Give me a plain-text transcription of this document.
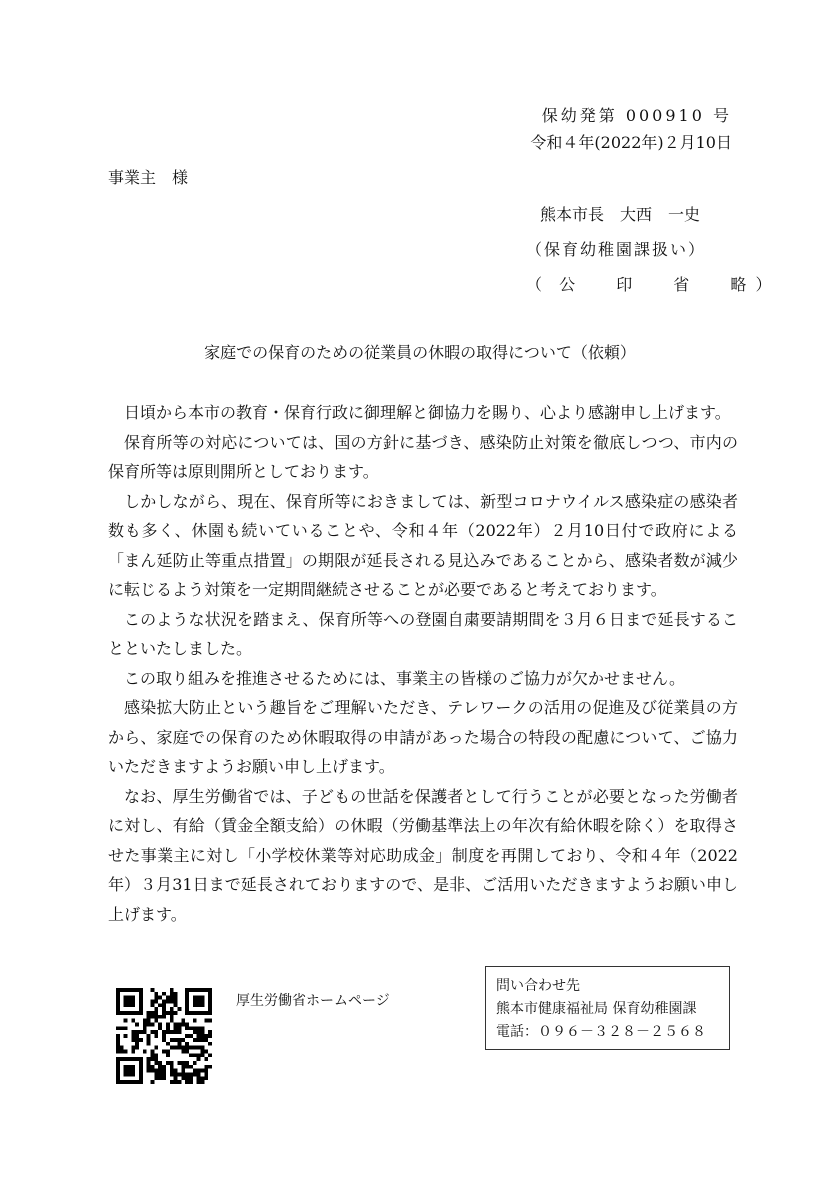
保幼発第 000910 号
令和４年(2022年)２月10日
事業主　様
熊本市長　大西　一史
（保育幼稚園課扱い）
（ 公	印	省	略 ）
家庭での保育のための従業員の休暇の取得について（依頼）

日頃から本市の教育・保育行政に御理解と御協力を賜り、心より感謝申し上げます。

保育所等の対応については、国の方針に基づき、感染防止対策を徹底しつつ、市内の保育所等は原則開所としております。

しかしながら、現在、保育所等におきましては、新型コロナウイルス感染症の感染者数も多く、休園も続いていることや、令和４年（2022年）２月10日付で政府による「まん延防止等重点措置」の期限が延長される見込みであることから、感染者数が減少に転じるよう対策を一定期間継続させることが必要であると考えております。

このような状況を踏まえ、保育所等への登園自粛要請期間を３月６日まで延長することといたしました。

この取り組みを推進させるためには、事業主の皆様のご協力が欠かせません。

感染拡大防止という趣旨をご理解いただき、テレワークの活用の促進及び従業員の方から、家庭での保育のため休暇取得の申請があった場合の特段の配慮について、ご協力いただきますようお願い申し上げます。

なお、厚生労働省では、子どもの世話を保護者として行うことが必要となった労働者に対し、有給（賃金全額支給）の休暇（労働基準法上の年次有給休暇を除く）を取得させた事業主に対し「小学校休業等対応助成金」制度を再開しており、令和４年（2022年）３月31日まで延長されておりますので、是非、ご活用いただきますようお願い申し上げます。

厚生労働省ホームページ
問い合わせ先
熊本市健康福祉局 保育幼稚園課
電話：０９６－３２８－２５６８
